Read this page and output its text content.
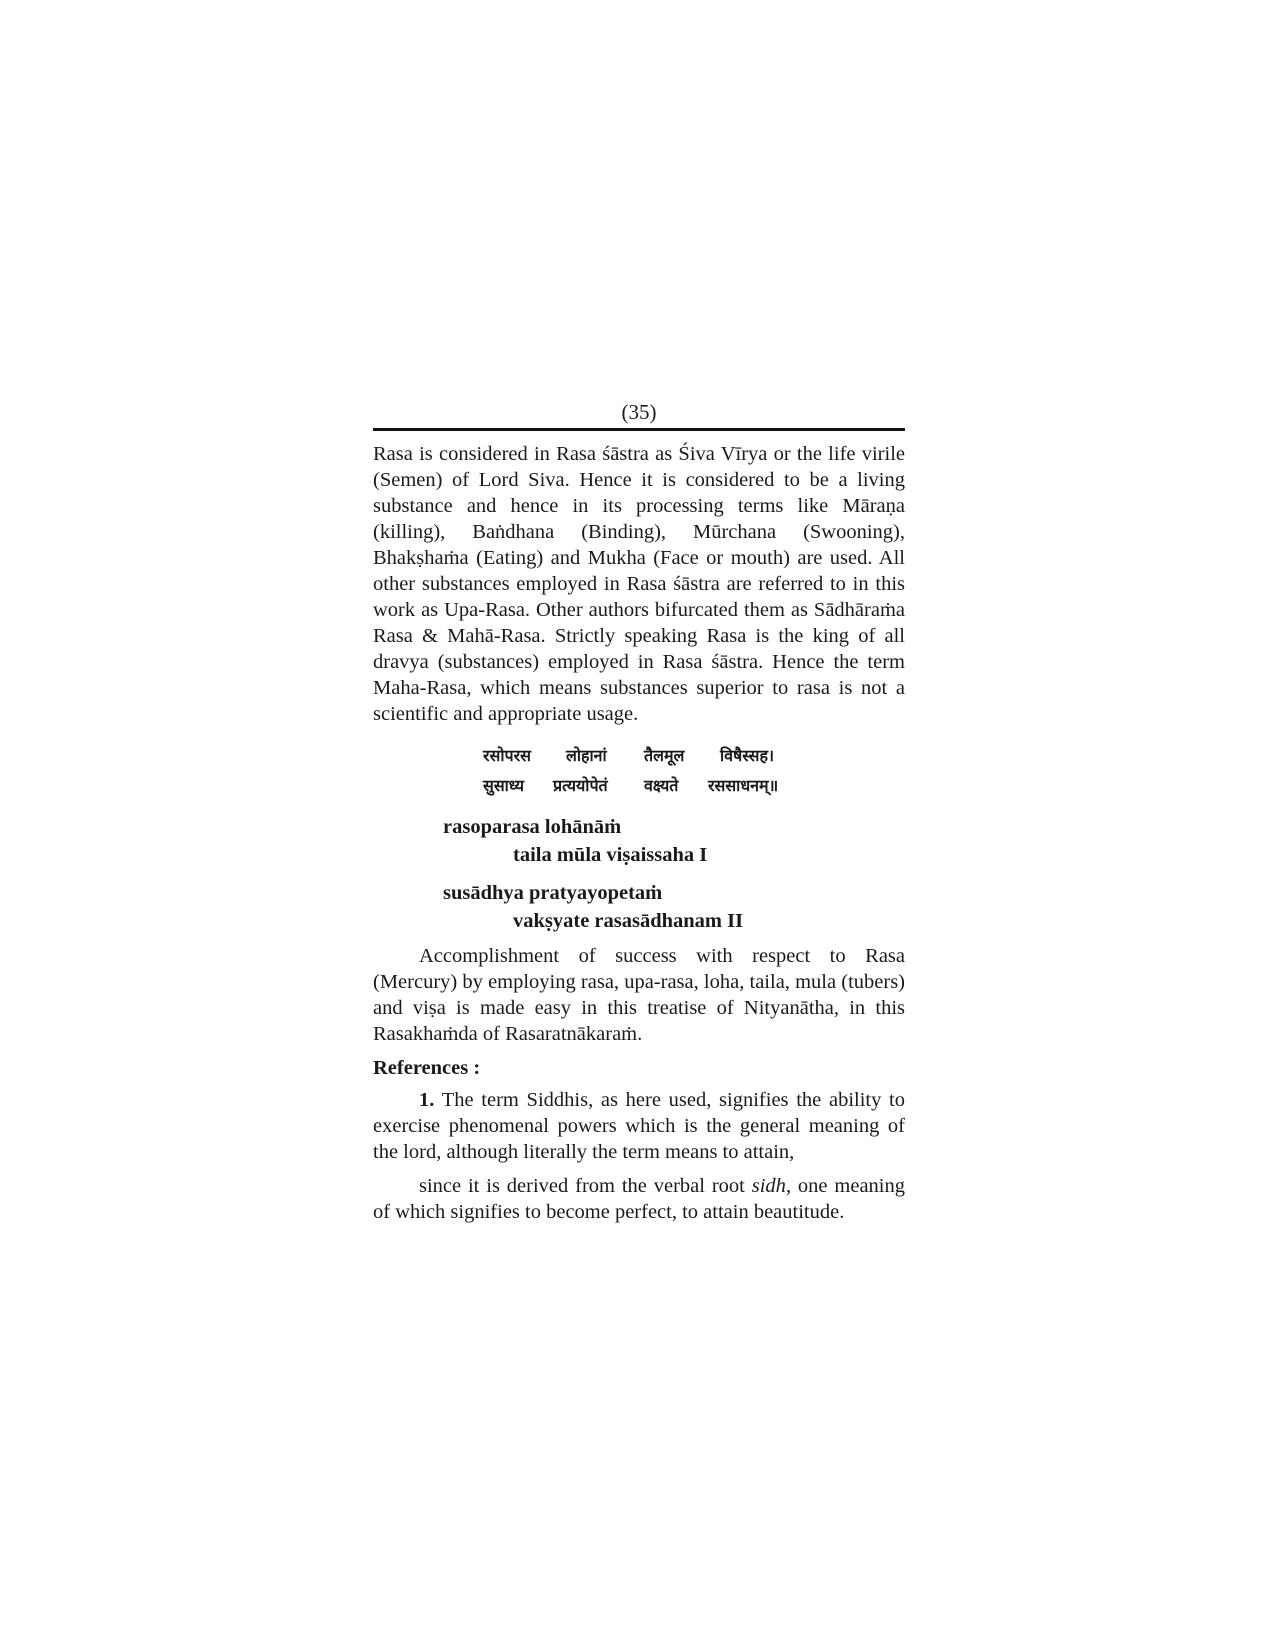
(35)

Rasa is considered in Rasa śāstra as Śiva Vīrya or the life virile (Semen) of Lord Siva. Hence it is considered to be a living substance and hence in its processing terms like Māraṇa (killing), Baṅdhana (Binding), Mūrchana (Swooning), Bhakṣhaṁa (Eating) and Mukha (Face or mouth) are used. All other substances employed in Rasa śāstra are referred to in this work as Upa-Rasa. Other authors bifurcated them as Sādhāraṁa Rasa & Mahā-Rasa. Strictly speaking Rasa is the king of all dravya (substances) employed in Rasa śāstra. Hence the term Maha-Rasa, which means substances superior to rasa is not a scientific and appropriate usage.

रसोपरस	लोहानां	तैलमूल	विषैस्सह।
सुसाध्य	प्रत्ययोपेतं	वक्ष्यते	रससाधनम्॥
rasoparasa lohānāṁ
taila mūla viṣaissaha I
susādhya pratyayopetaṁ
vakṣyate rasasādhanam II

Accomplishment of success with respect to Rasa (Mercury) by employing rasa, upa-rasa, loha, taila, mula (tubers) and viṣa is made easy in this treatise of Nityanātha, in this Rasakhaṁda of Rasaratnākaraṁ.

References :

1. The term Siddhis, as here used, signifies the ability to exercise phenomenal powers which is the general meaning of the lord, although literally the term means to attain,

since it is derived from the verbal root sidh, one meaning of which signifies to become perfect, to attain beautitude.
